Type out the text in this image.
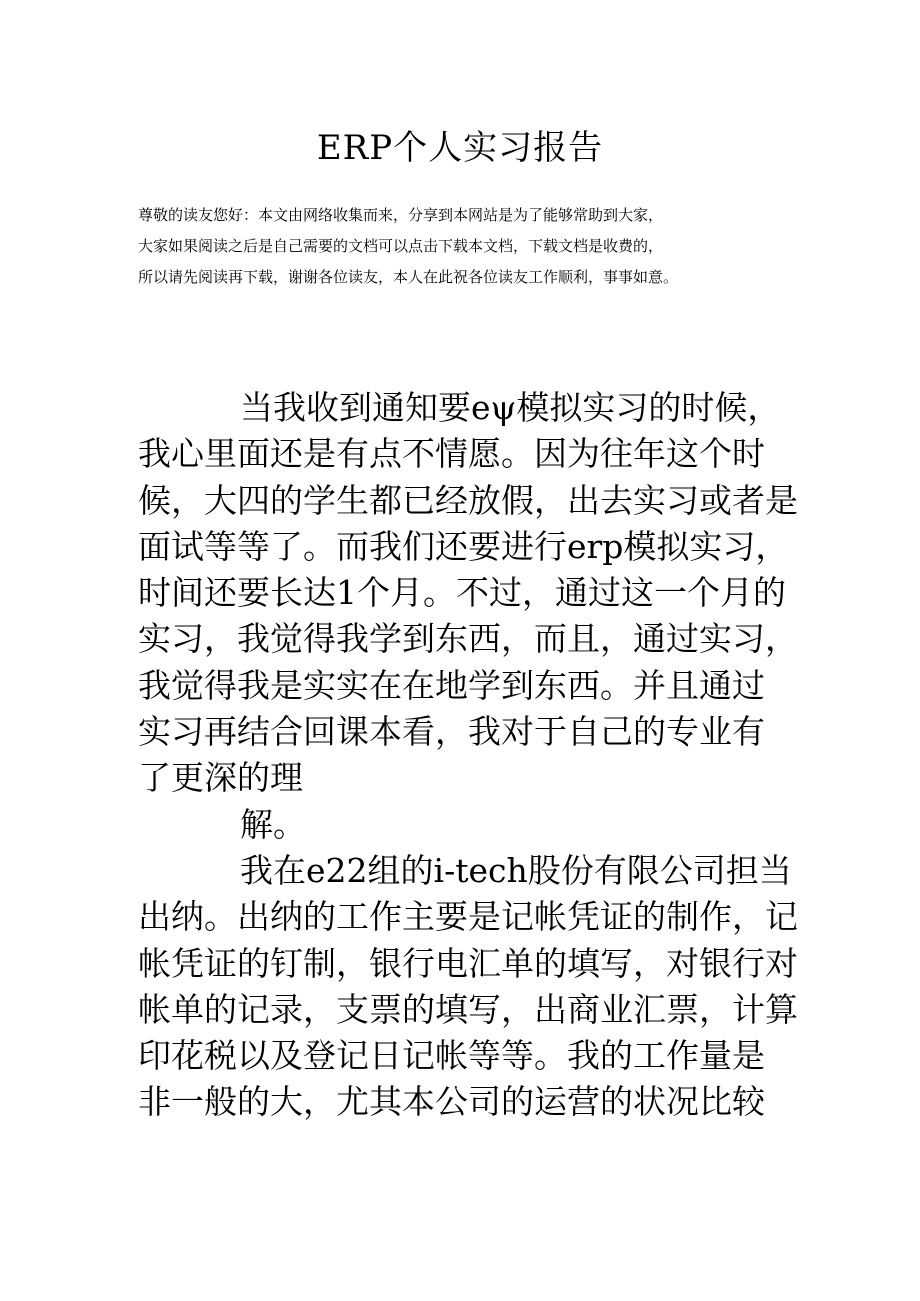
ERP个人实习报告
尊敬的读友您好：本文由网络收集而来，分享到本网站是为了能够常助到大家，
大家如果阅读之后是自己需要的文档可以点击下载本文档，下载文档是收费的，
所以请先阅读再下载，谢谢各位读友，本人在此祝各位读友工作顺利，事事如意。
当我收到通知要eψ模拟实习的时候，
我心里面还是有点不情愿。因为往年这个时
候，大四的学生都已经放假，出去实习或者是
面试等等了。而我们还要进行erp模拟实习，
时间还要长达1个月。不过，通过这一个月的
实习，我觉得我学到东西，而且，通过实习，
我觉得我是实实在在地学到东西。并且通过
实习再结合回课本看，我对于自己的专业有
了更深的理
解。
我在e22组的i-tech股份有限公司担当
出纳。出纳的工作主要是记帐凭证的制作，记
帐凭证的钉制，银行电汇单的填写，对银行对
帐单的记录，支票的填写，出商业汇票，计算
印花税以及登记日记帐等等。我的工作量是
非一般的大，尤其本公司的运营的状况比较
